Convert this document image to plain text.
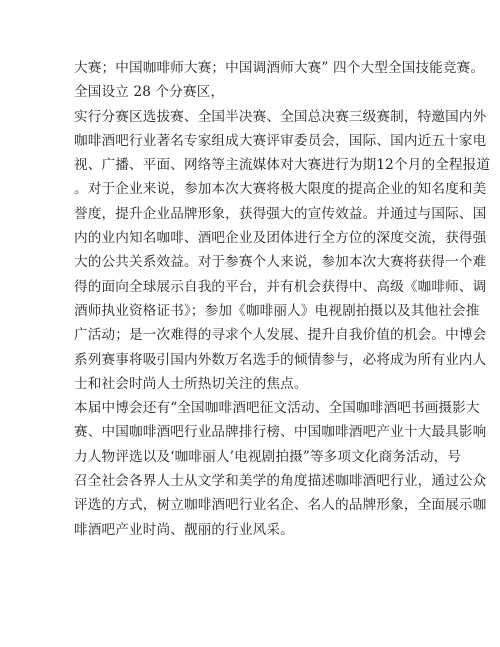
大赛；中国咖啡师大赛；中国调酒师大赛” 四个大型全国技能竞赛。
全国设立 28 个分赛区，
实行分赛区选拔赛、全国半决赛、全国总决赛三级赛制，特邀国内外
咖啡酒吧行业著名专家组成大赛评审委员会，国际、国内近五十家电
视、广播、平面、网络等主流媒体对大赛进行为期12个月的全程报道
。对于企业来说，参加本次大赛将极大限度的提高企业的知名度和美
誉度，提升企业品牌形象，获得强大的宣传效益。并通过与国际、国
内的业内知名咖啡、酒吧企业及团体进行全方位的深度交流，获得强
大的公共关系效益。对于参赛个人来说，参加本次大赛将获得一个难
得的面向全球展示自我的平台，并有机会获得中、高级《咖啡师、调
酒师执业资格证书》；参加《咖啡丽人》电视剧拍摄以及其他社会推
广活动；是一次难得的寻求个人发展、提升自我价值的机会。中博会
系列赛事将吸引国内外数万名选手的倾情参与，必将成为所有业内人
士和社会时尚人士所热切关注的焦点。
本届中博会还有“全国咖啡酒吧征文活动、全国咖啡酒吧书画摄影大
赛、中国咖啡酒吧行业品牌排行榜、中国咖啡酒吧产业十大最具影响
力人物评选以及‘咖啡丽人’电视剧拍摄”等多项文化商务活动，号
召全社会各界人士从文学和美学的角度描述咖啡酒吧行业，通过公众
评选的方式，树立咖啡酒吧行业名企、名人的品牌形象，全面展示咖
啡酒吧产业时尚、靓丽的行业风采。
